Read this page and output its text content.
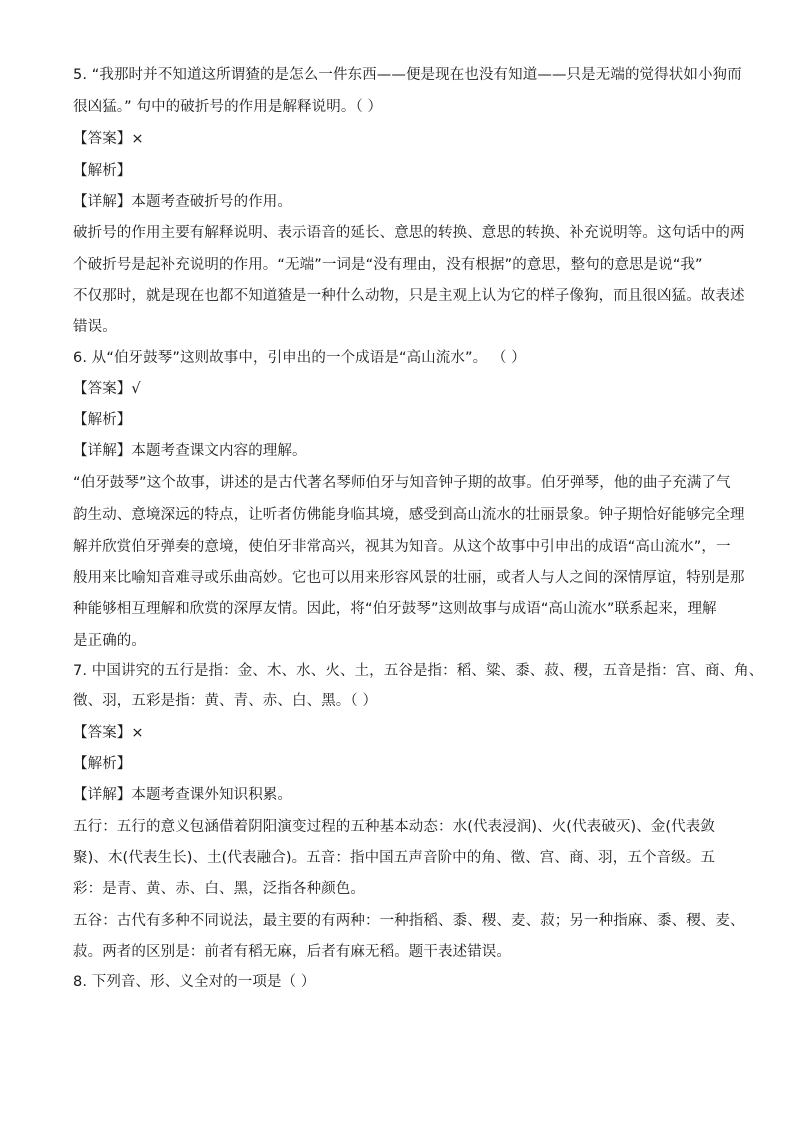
5. “我那时并不知道这所谓猹的是怎么一件东西——便是现在也没有知道——只是无端的觉得状如小狗而
很凶猛。” 句中的破折号的作用是解释说明。（ ）
【答案】×
【解析】
【详解】本题考查破折号的作用。
破折号的作用主要有解释说明、表示语音的延长、意思的转换、意思的转换、补充说明等。这句话中的两
个破折号是起补充说明的作用。“无端”一词是“没有理由，没有根据”的意思，整句的意思是说“我”
不仅那时，就是现在也都不知道猹是一种什么动物，只是主观上认为它的样子像狗，而且很凶猛。故表述
错误。
6. 从“伯牙鼓琴”这则故事中，引申出的一个成语是“高山流水”。 （ ）
【答案】√
【解析】
【详解】本题考查课文内容的理解。
“伯牙鼓琴”这个故事，讲述的是古代著名琴师伯牙与知音钟子期的故事。伯牙弹琴，他的曲子充满了气
韵生动、意境深远的特点，让听者仿佛能身临其境，感受到高山流水的壮丽景象。钟子期恰好能够完全理
解并欣赏伯牙弹奏的意境，使伯牙非常高兴，视其为知音。从这个故事中引申出的成语“高山流水”，一
般用来比喻知音难寻或乐曲高妙。它也可以用来形容风景的壮丽，或者人与人之间的深情厚谊，特别是那
种能够相互理解和欣赏的深厚友情。因此，将“伯牙鼓琴”这则故事与成语“高山流水”联系起来，理解
是正确的。
7. 中国讲究的五行是指：金、木、水、火、土，五谷是指：稻、粱、黍、菽、稷，五音是指：宫、商、角、
徵、羽，五彩是指：黄、青、赤、白、黑。（ ）
【答案】×
【解析】
【详解】本题考查课外知识积累。
五行：五行的意义包涵借着阴阳演变过程的五种基本动态：水(代表浸润)、火(代表破灭)、金(代表敛
聚)、木(代表生长)、土(代表融合)。五音：指中国五声音阶中的角、徵、宫、商、羽，五个音级。五
彩：是青、黄、赤、白、黑，泛指各种颜色。
五谷：古代有多种不同说法，最主要的有两种：一种指稻、黍、稷、麦、菽；另一种指麻、黍、稷、麦、
菽。两者的区别是：前者有稻无麻，后者有麻无稻。题干表述错误。
8. 下列音、形、义全对的一项是（ ）
